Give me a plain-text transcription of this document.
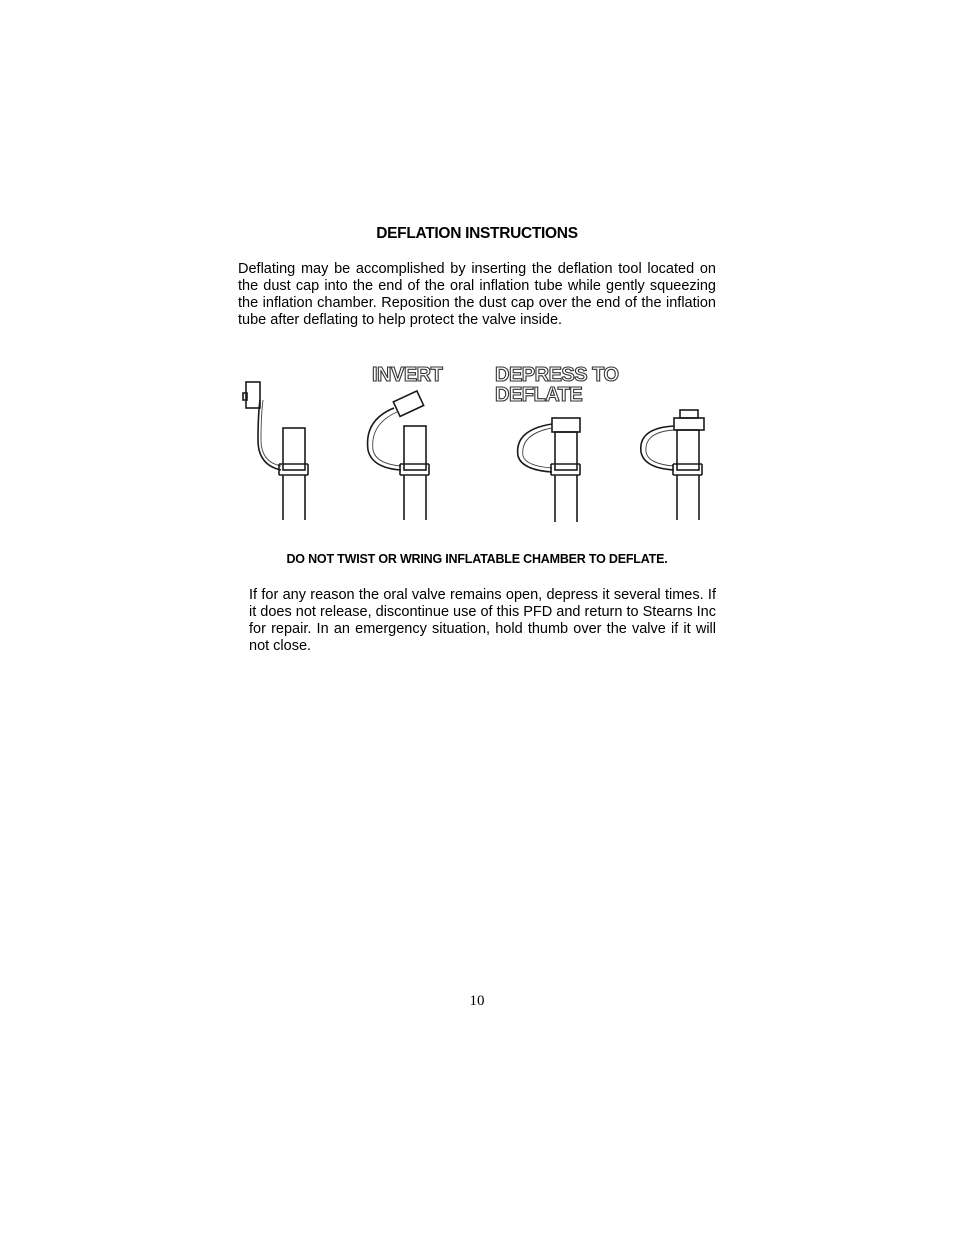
DEFLATION INSTRUCTIONS

Deflating may be accomplished by inserting the deflation tool located on the dust cap into the end of the oral inflation tube while gently squeezing the inflation chamber. Reposition the dust cap over the end of the inflation tube after deflating to help protect the valve inside.

INVERT	DEPRESS TO DEFLATE

DO NOT TWIST OR WRING INFLATABLE CHAMBER TO DEFLATE.

If for any reason the oral valve remains open, depress it several times. If it does not release, discontinue use of this PFD and return to Stearns Inc for repair. In an emergency situation, hold thumb over the valve if it will not close.

10
